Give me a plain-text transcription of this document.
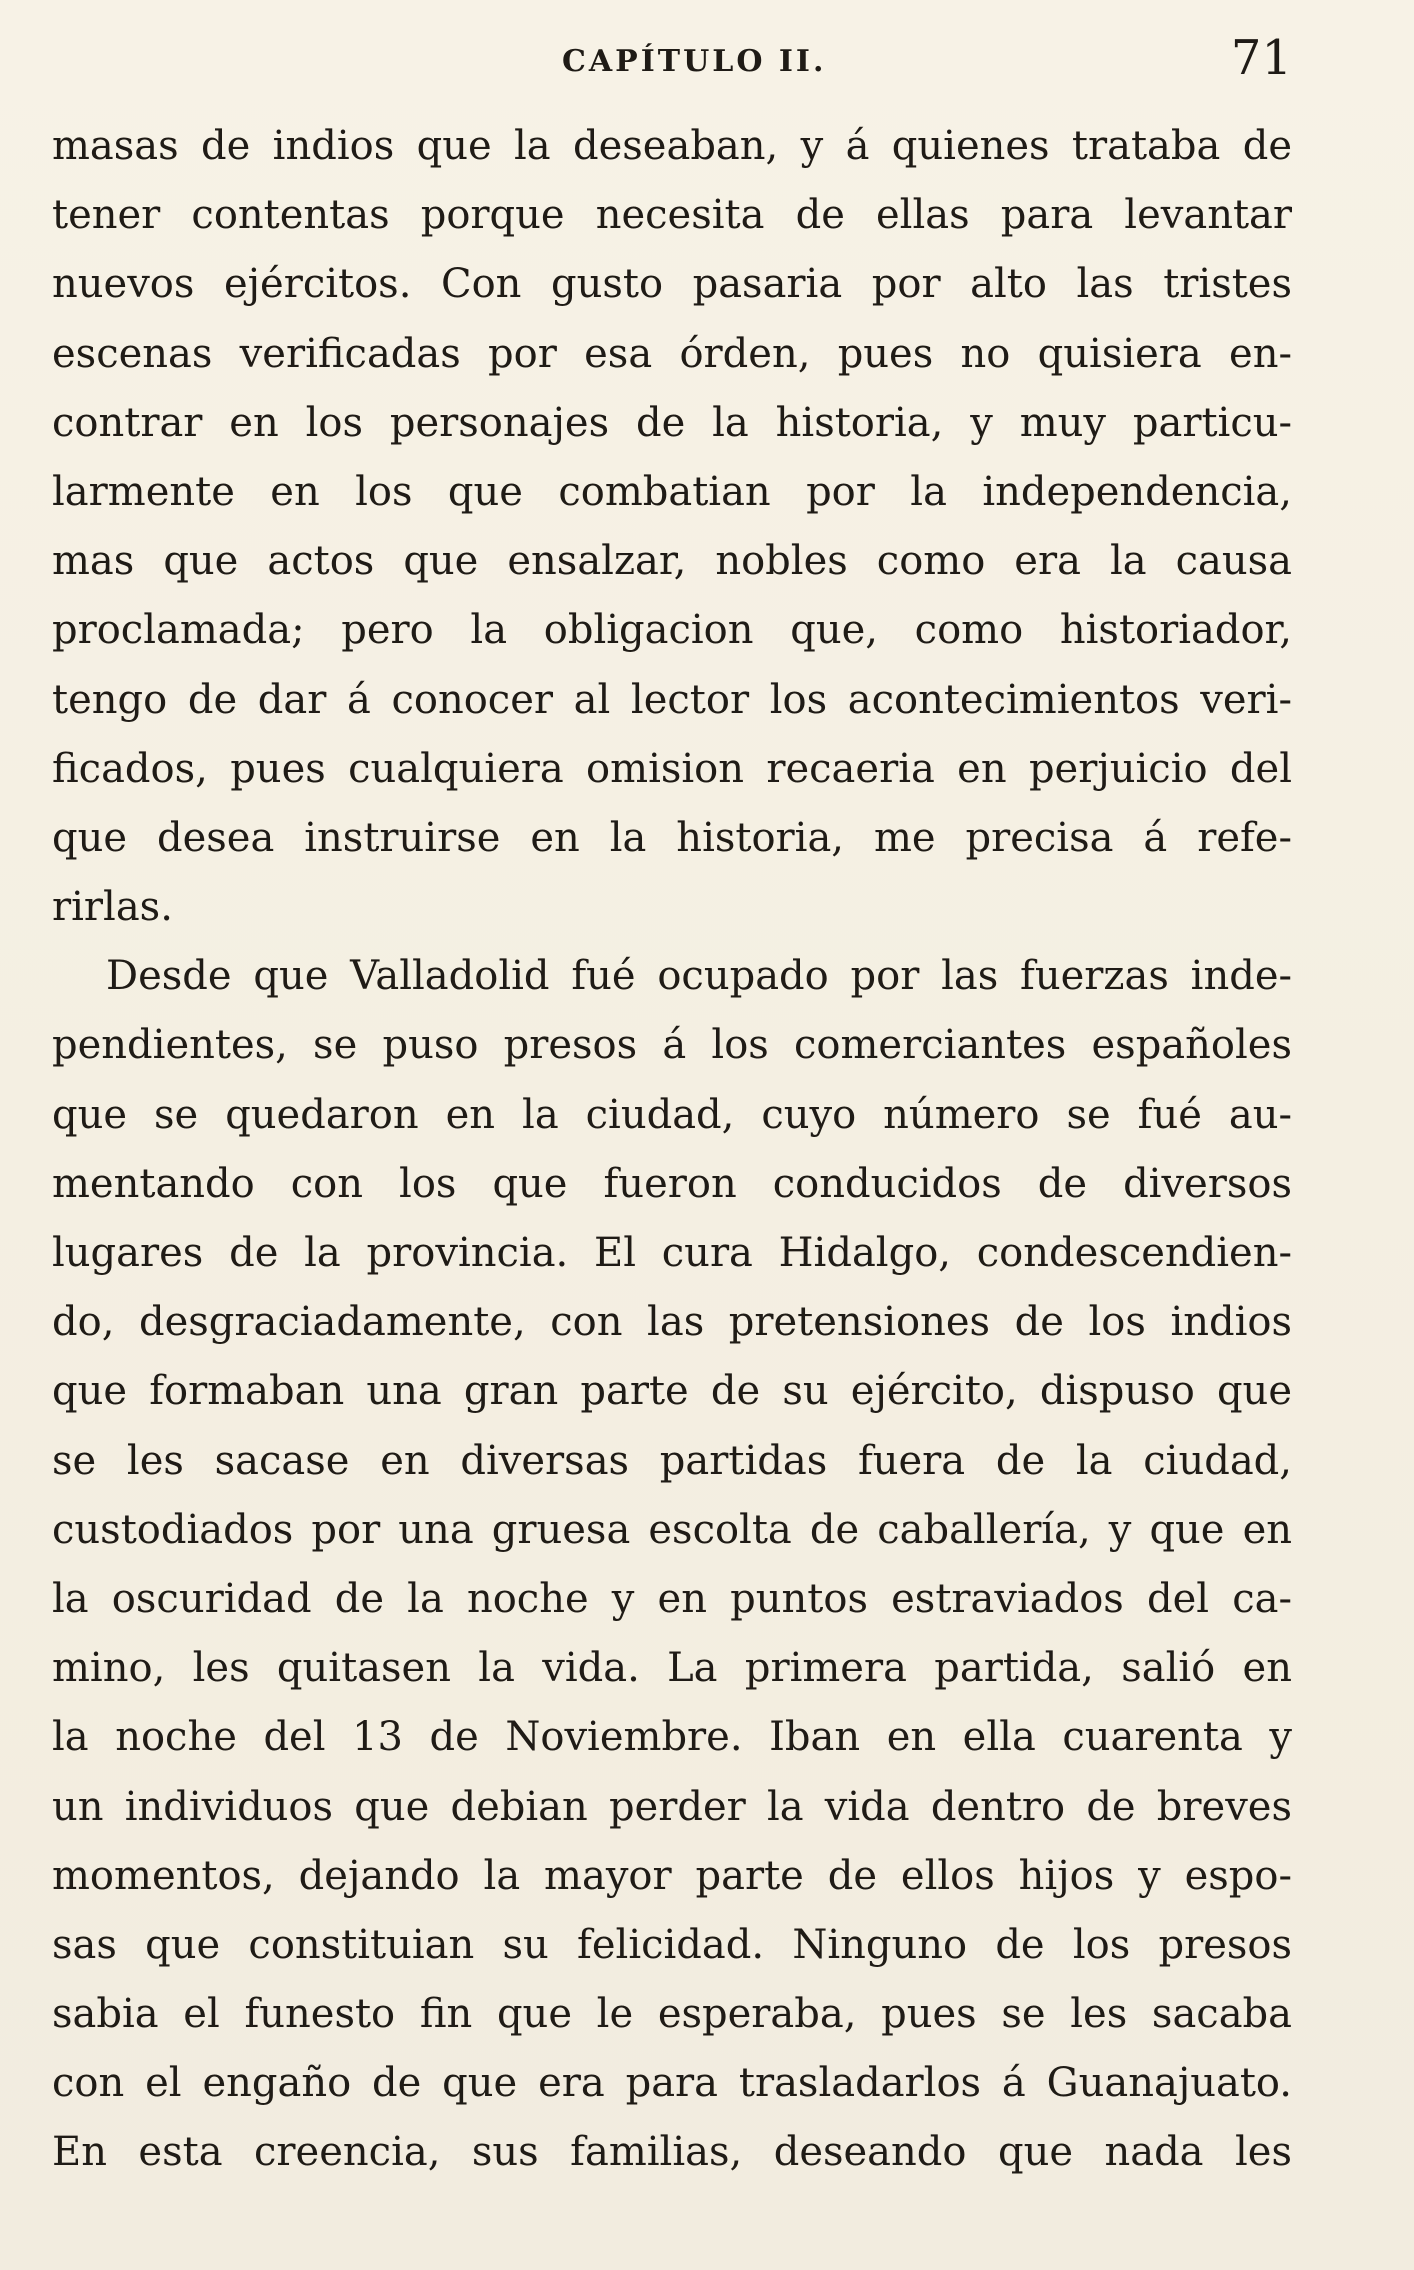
CAPÍTULO II.	71
masas de indios que la deseaban, y á quienes trataba de
tener contentas porque necesita de ellas para levantar
nuevos ejércitos. Con gusto pasaria por alto las tristes
escenas verificadas por esa órden, pues no quisiera en-
contrar en los personajes de la historia, y muy particu-
larmente en los que combatian por la independencia,
mas que actos que ensalzar, nobles como era la causa
proclamada; pero la obligacion que, como historiador,
tengo de dar á conocer al lector los acontecimientos veri-
ficados, pues cualquiera omision recaeria en perjuicio del
que desea instruirse en la historia, me precisa á refe-
rirlas.
Desde que Valladolid fué ocupado por las fuerzas inde-
pendientes, se puso presos á los comerciantes españoles
que se quedaron en la ciudad, cuyo número se fué au-
mentando con los que fueron conducidos de diversos
lugares de la provincia. El cura Hidalgo, condescendien-
do, desgraciadamente, con las pretensiones de los indios
que formaban una gran parte de su ejército, dispuso que
se les sacase en diversas partidas fuera de la ciudad,
custodiados por una gruesa escolta de caballería, y que en
la oscuridad de la noche y en puntos estraviados del ca-
mino, les quitasen la vida. La primera partida, salió en
la noche del 13 de Noviembre. Iban en ella cuarenta y
un individuos que debian perder la vida dentro de breves
momentos, dejando la mayor parte de ellos hijos y espo-
sas que constituian su felicidad. Ninguno de los presos
sabia el funesto fin que le esperaba, pues se les sacaba
con el engaño de que era para trasladarlos á Guanajuato.
En esta creencia, sus familias, deseando que nada les
